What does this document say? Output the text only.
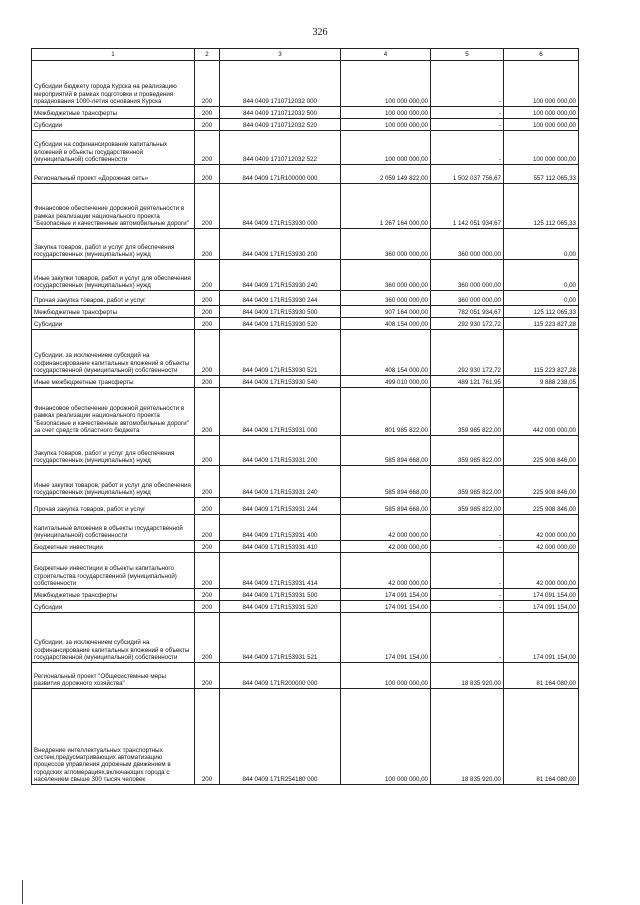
326
1	2	3	4	5	6
Субсидии бюджету города Курска на реализацию мероприятий в рамках подготовки и проведения празднования 1000-летия основания Курска	200	844 0409 1710712032 000	100 000 000,00	-	100 000 000,00
Межбюджетные трансферты	200	844 0409 1710712032 500	100 000 000,00	-	100 000 000,00
Субсидии	200	844 0409 1710712032 520	100 000 000,00	-	100 000 000,00
Субсидии на софинансирование капитальных вложений в объекты государственной (муниципальной) собственности	200	844 0409 1710712032 522	100 000 000,00	-	100 000 000,00
Региональный проект «Дорожная сеть»	200	844 0409 171R100000 000	2 059 149 822,00	1 502 037 756,67	557 112 065,33
Финансовое обеспечение дорожной деятельности в рамках реализации национального проекта "Безопасные и качественные автомобильные дороги"	200	844 0409 171R153930 000	1 267 164 000,00	1 142 051 934,67	125 112 065,33
Закупка товаров, работ и услуг для обеспечения государственных (муниципальных) нужд	200	844 0409 171R153930 200	360 000 000,00	360 000 000,00	0,00
Иные закупки товаров, работ и услуг для обеспечения государственных (муниципальных) нужд	200	844 0409 171R153930 240	360 000 000,00	360 000 000,00	0,00
Прочая закупка товаров, работ и услуг	200	844 0409 171R153930 244	360 000 000,00	360 000 000,00	0,00
Межбюджетные трансферты	200	844 0409 171R153930 500	907 164 000,00	782 051 934,67	125 112 065,33
Субсидии	200	844 0409 171R153930 520	408 154 000,00	292 930 172,72	115 223 827,28
Субсидии, за исключением субсидий на софинансирование капитальных вложений в объекты государственной (муниципальной) собственности	200	844 0409 171R153930 521	408 154 000,00	292 930 172,72	115 223 827,28
Иные межбюджетные трансферты	200	844 0409 171R153930 540	499 010 000,00	489 121 761,95	9 888 238,05
Финансовое обеспечение дорожной деятельности в рамках реализации национального проекта "Безопасные и качественные автомобильные дороги" за счет средств областного бюджета	200	844 0409 171R153931 000	801 985 822,00	359 985 822,00	442 000 000,00
Закупка товаров, работ и услуг для обеспечения государственных (муниципальных) нужд	200	844 0409 171R153931 200	585 894 668,00	359 985 822,00	225 908 846,00
Иные закупки товаров, работ и услуг для обеспечения государственных (муниципальных) нужд	200	844 0409 171R153931 240	585 894 668,00	359 985 822,00	225 908 846,00
Прочая закупка товаров, работ и услуг	200	844 0409 171R153931 244	585 894 668,00	359 985 822,00	225 908 846,00
Капитальные вложения в объекты государственной (муниципальной) собственности	200	844 0409 171R153931 400	42 000 000,00	-	42 000 000,00
Бюджетные инвестиции	200	844 0409 171R153931 410	42 000 000,00	-	42 000 000,00
Бюджетные инвестиции в объекты капитального строительства государственной (муниципальной) собственности	200	844 0409 171R153931 414	42 000 000,00	-	42 000 000,00
Межбюджетные трансферты	200	844 0409 171R153931 500	174 091 154,00	-	174 091 154,00
Субсидии	200	844 0409 171R153931 520	174 091 154,00	-	174 091 154,00
Субсидии, за исключением субсидий на софинансирование капитальных вложений в объекты государственной (муниципальной) собственности	200	844 0409 171R153931 521	174 091 154,00	-	174 091 154,00
Региональный проект "Общесистемные меры развития дорожного хозяйства"	200	844 0409 171R200000 000	100 000 000,00	18 835 920,00	81 164 080,00
Внедрение интеллектуальных транспортных систем,предусматривающих автоматизацию процессов управления дорожным движением в городских агломерациях,включающих города с населением свыше 300 тысяч человек	200	844 0409 171R254180 000	100 000 000,00	18 835 920,00	81 164 080,00
